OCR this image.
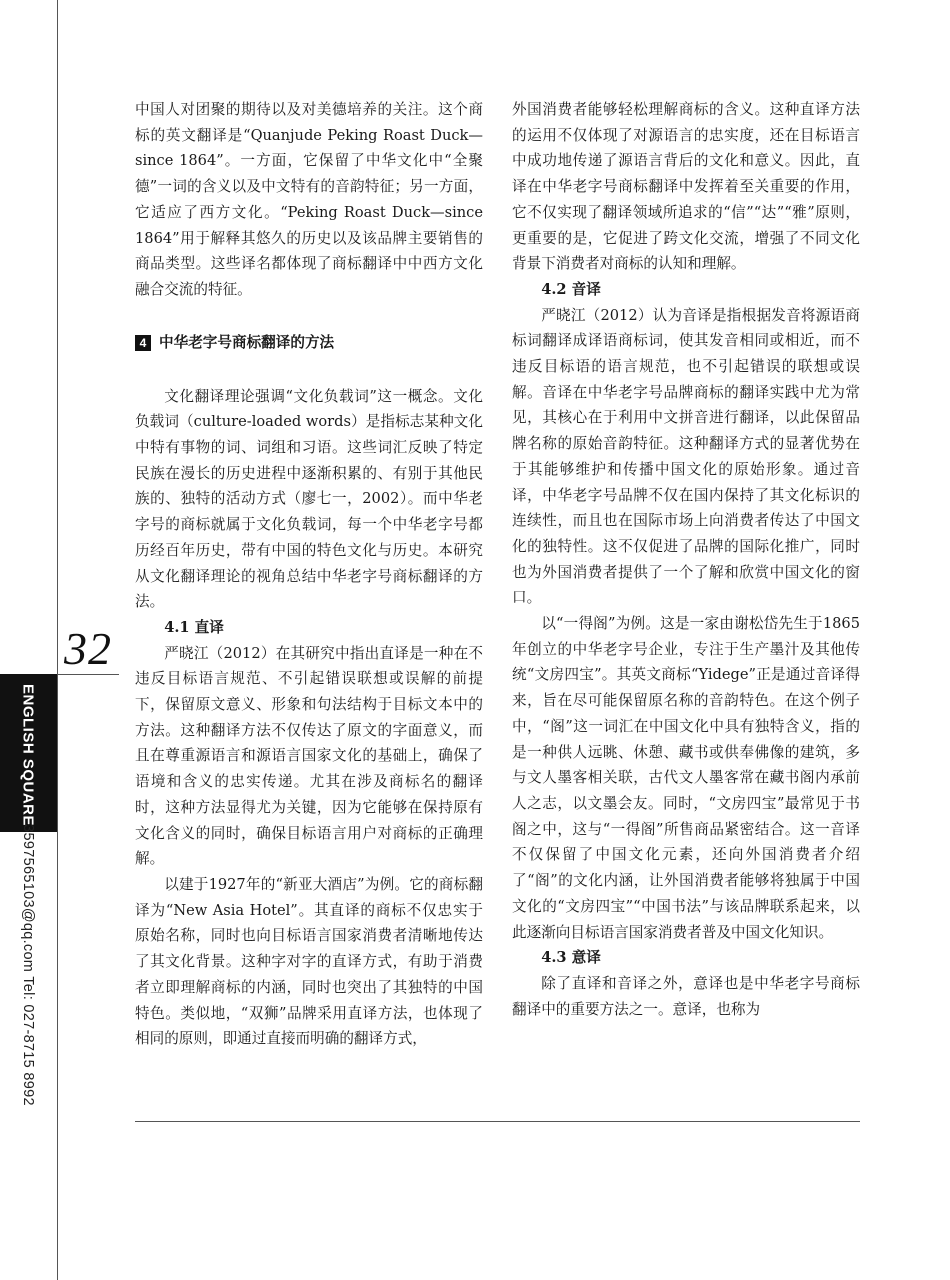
32
ENGLISH SQUARE
3597565103@qq.com Tel: 027-8715 8992

中国人对团聚的期待以及对美德培养的关注。这个商标的英文翻译是“Quanjude Peking Roast Duck—since 1864”。一方面，它保留了中华文化中“全聚德”一词的含义以及中文特有的音韵特征；另一方面，它适应了西方文化。“Peking Roast Duck—since 1864”用于解释其悠久的历史以及该品牌主要销售的商品类型。这些译名都体现了商标翻译中中西方文化融合交流的特征。

4 中华老字号商标翻译的方法

文化翻译理论强调“文化负载词”这一概念。文化负载词（culture-loaded words）是指标志某种文化中特有事物的词、词组和习语。这些词汇反映了特定民族在漫长的历史进程中逐渐积累的、有别于其他民族的、独特的活动方式（廖七一，2002）。而中华老字号的商标就属于文化负载词，每一个中华老字号都历经百年历史，带有中国的特色文化与历史。本研究从文化翻译理论的视角总结中华老字号商标翻译的方法。

4.1 直译

严晓江（2012）在其研究中指出直译是一种在不违反目标语言规范、不引起错误联想或误解的前提下，保留原文意义、形象和句法结构于目标文本中的方法。这种翻译方法不仅传达了原文的字面意义，而且在尊重源语言和源语言国家文化的基础上，确保了语境和含义的忠实传递。尤其在涉及商标名的翻译时，这种方法显得尤为关键，因为它能够在保持原有文化含义的同时，确保目标语言用户对商标的正确理解。

以建于1927年的“新亚大酒店”为例。它的商标翻译为“New Asia Hotel”。其直译的商标不仅忠实于原始名称，同时也向目标语言国家消费者清晰地传达了其文化背景。这种字对字的直译方式，有助于消费者立即理解商标的内涵，同时也突出了其独特的中国特色。类似地，“双狮”品牌采用直译方法，也体现了相同的原则，即通过直接而明确的翻译方式，

外国消费者能够轻松理解商标的含义。这种直译方法的运用不仅体现了对源语言的忠实度，还在目标语言中成功地传递了源语言背后的文化和意义。因此，直译在中华老字号商标翻译中发挥着至关重要的作用，它不仅实现了翻译领域所追求的“信”“达”“雅”原则，更重要的是，它促进了跨文化交流，增强了不同文化背景下消费者对商标的认知和理解。

4.2 音译

严晓江（2012）认为音译是指根据发音将源语商标词翻译成译语商标词，使其发音相同或相近，而不违反目标语的语言规范，也不引起错误的联想或误解。音译在中华老字号品牌商标的翻译实践中尤为常见，其核心在于利用中文拼音进行翻译，以此保留品牌名称的原始音韵特征。这种翻译方式的显著优势在于其能够维护和传播中国文化的原始形象。通过音译，中华老字号品牌不仅在国内保持了其文化标识的连续性，而且也在国际市场上向消费者传达了中国文化的独特性。这不仅促进了品牌的国际化推广，同时也为外国消费者提供了一个了解和欣赏中国文化的窗口。

以“一得阁”为例。这是一家由谢松岱先生于1865年创立的中华老字号企业，专注于生产墨汁及其他传统“文房四宝”。其英文商标“Yidege”正是通过音译得来，旨在尽可能保留原名称的音韵特色。在这个例子中，“阁”这一词汇在中国文化中具有独特含义，指的是一种供人远眺、休憩、藏书或供奉佛像的建筑，多与文人墨客相关联，古代文人墨客常在藏书阁内承前人之志，以文墨会友。同时，“文房四宝”最常见于书阁之中，这与“一得阁”所售商品紧密结合。这一音译不仅保留了中国文化元素，还向外国消费者介绍了“阁”的文化内涵，让外国消费者能够将独属于中国文化的“文房四宝”“中国书法”与该品牌联系起来，以此逐渐向目标语言国家消费者普及中国文化知识。

4.3 意译

除了直译和音译之外，意译也是中华老字号商标翻译中的重要方法之一。意译，也称为
